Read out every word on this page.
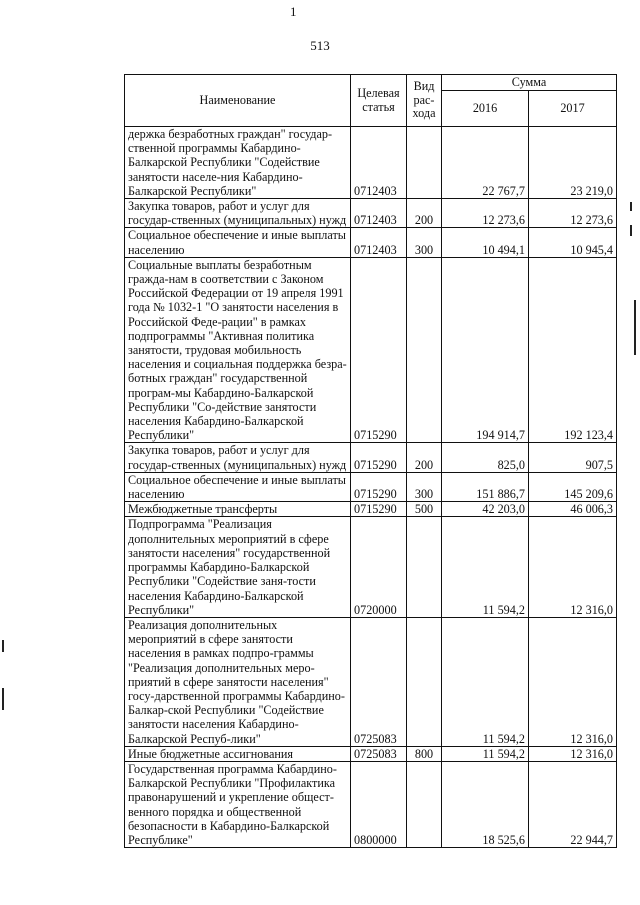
1
513
Наименование	Целевая статья	Вид рас-хода	Сумма	
			2016	2017
держка безработных граждан" государ-ственной программы Кабардино-Балкарской Республики "Содействие занятости населе-ния Кабардино-Балкарской Республики"	0712403		22 767,7	23 219,0
Закупка товаров, работ и услуг для государ-ственных (муниципальных) нужд	0712403	200	12 273,6	12 273,6
Социальное обеспечение и иные выплаты населению	0712403	300	10 494,1	10 945,4
Социальные выплаты безработным гражда-нам в соответствии с Законом Российской Федерации от 19 апреля 1991 года № 1032-1 "О занятости населения в Российской Феде-рации" в рамках подпрограммы "Активная политика занятости, трудовая мобильность населения и социальная поддержка безра-ботных граждан" государственной програм-мы Кабардино-Балкарской Республики "Со-действие занятости населения Кабардино-Балкарской Республики"	0715290		194 914,7	192 123,4
Закупка товаров, работ и услуг для государ-ственных (муниципальных) нужд	0715290	200	825,0	907,5
Социальное обеспечение и иные выплаты населению	0715290	300	151 886,7	145 209,6
Межбюджетные трансферты	0715290	500	42 203,0	46 006,3
Подпрограмма "Реализация дополнительных мероприятий в сфере занятости населения" государственной программы Кабардино-Балкарской Республики "Содействие заня-тости населения Кабардино-Балкарской Республики"	0720000		11 594,2	12 316,0
Реализация дополнительных мероприятий в сфере занятости населения в рамках подпро-граммы "Реализация дополнительных меро-приятий в сфере занятости населения" госу-дарственной программы Кабардино-Балкар-ской Республики "Содействие занятости населения Кабардино-Балкарской Респуб-лики"	0725083		11 594,2	12 316,0
Иные бюджетные ассигнования	0725083	800	11 594,2	12 316,0
Государственная программа Кабардино-Балкарской Республики "Профилактика правонарушений и укрепление общест-венного порядка и общественной безопасности в Кабардино-Балкарской Республике"	0800000		18 525,6	22 944,7
